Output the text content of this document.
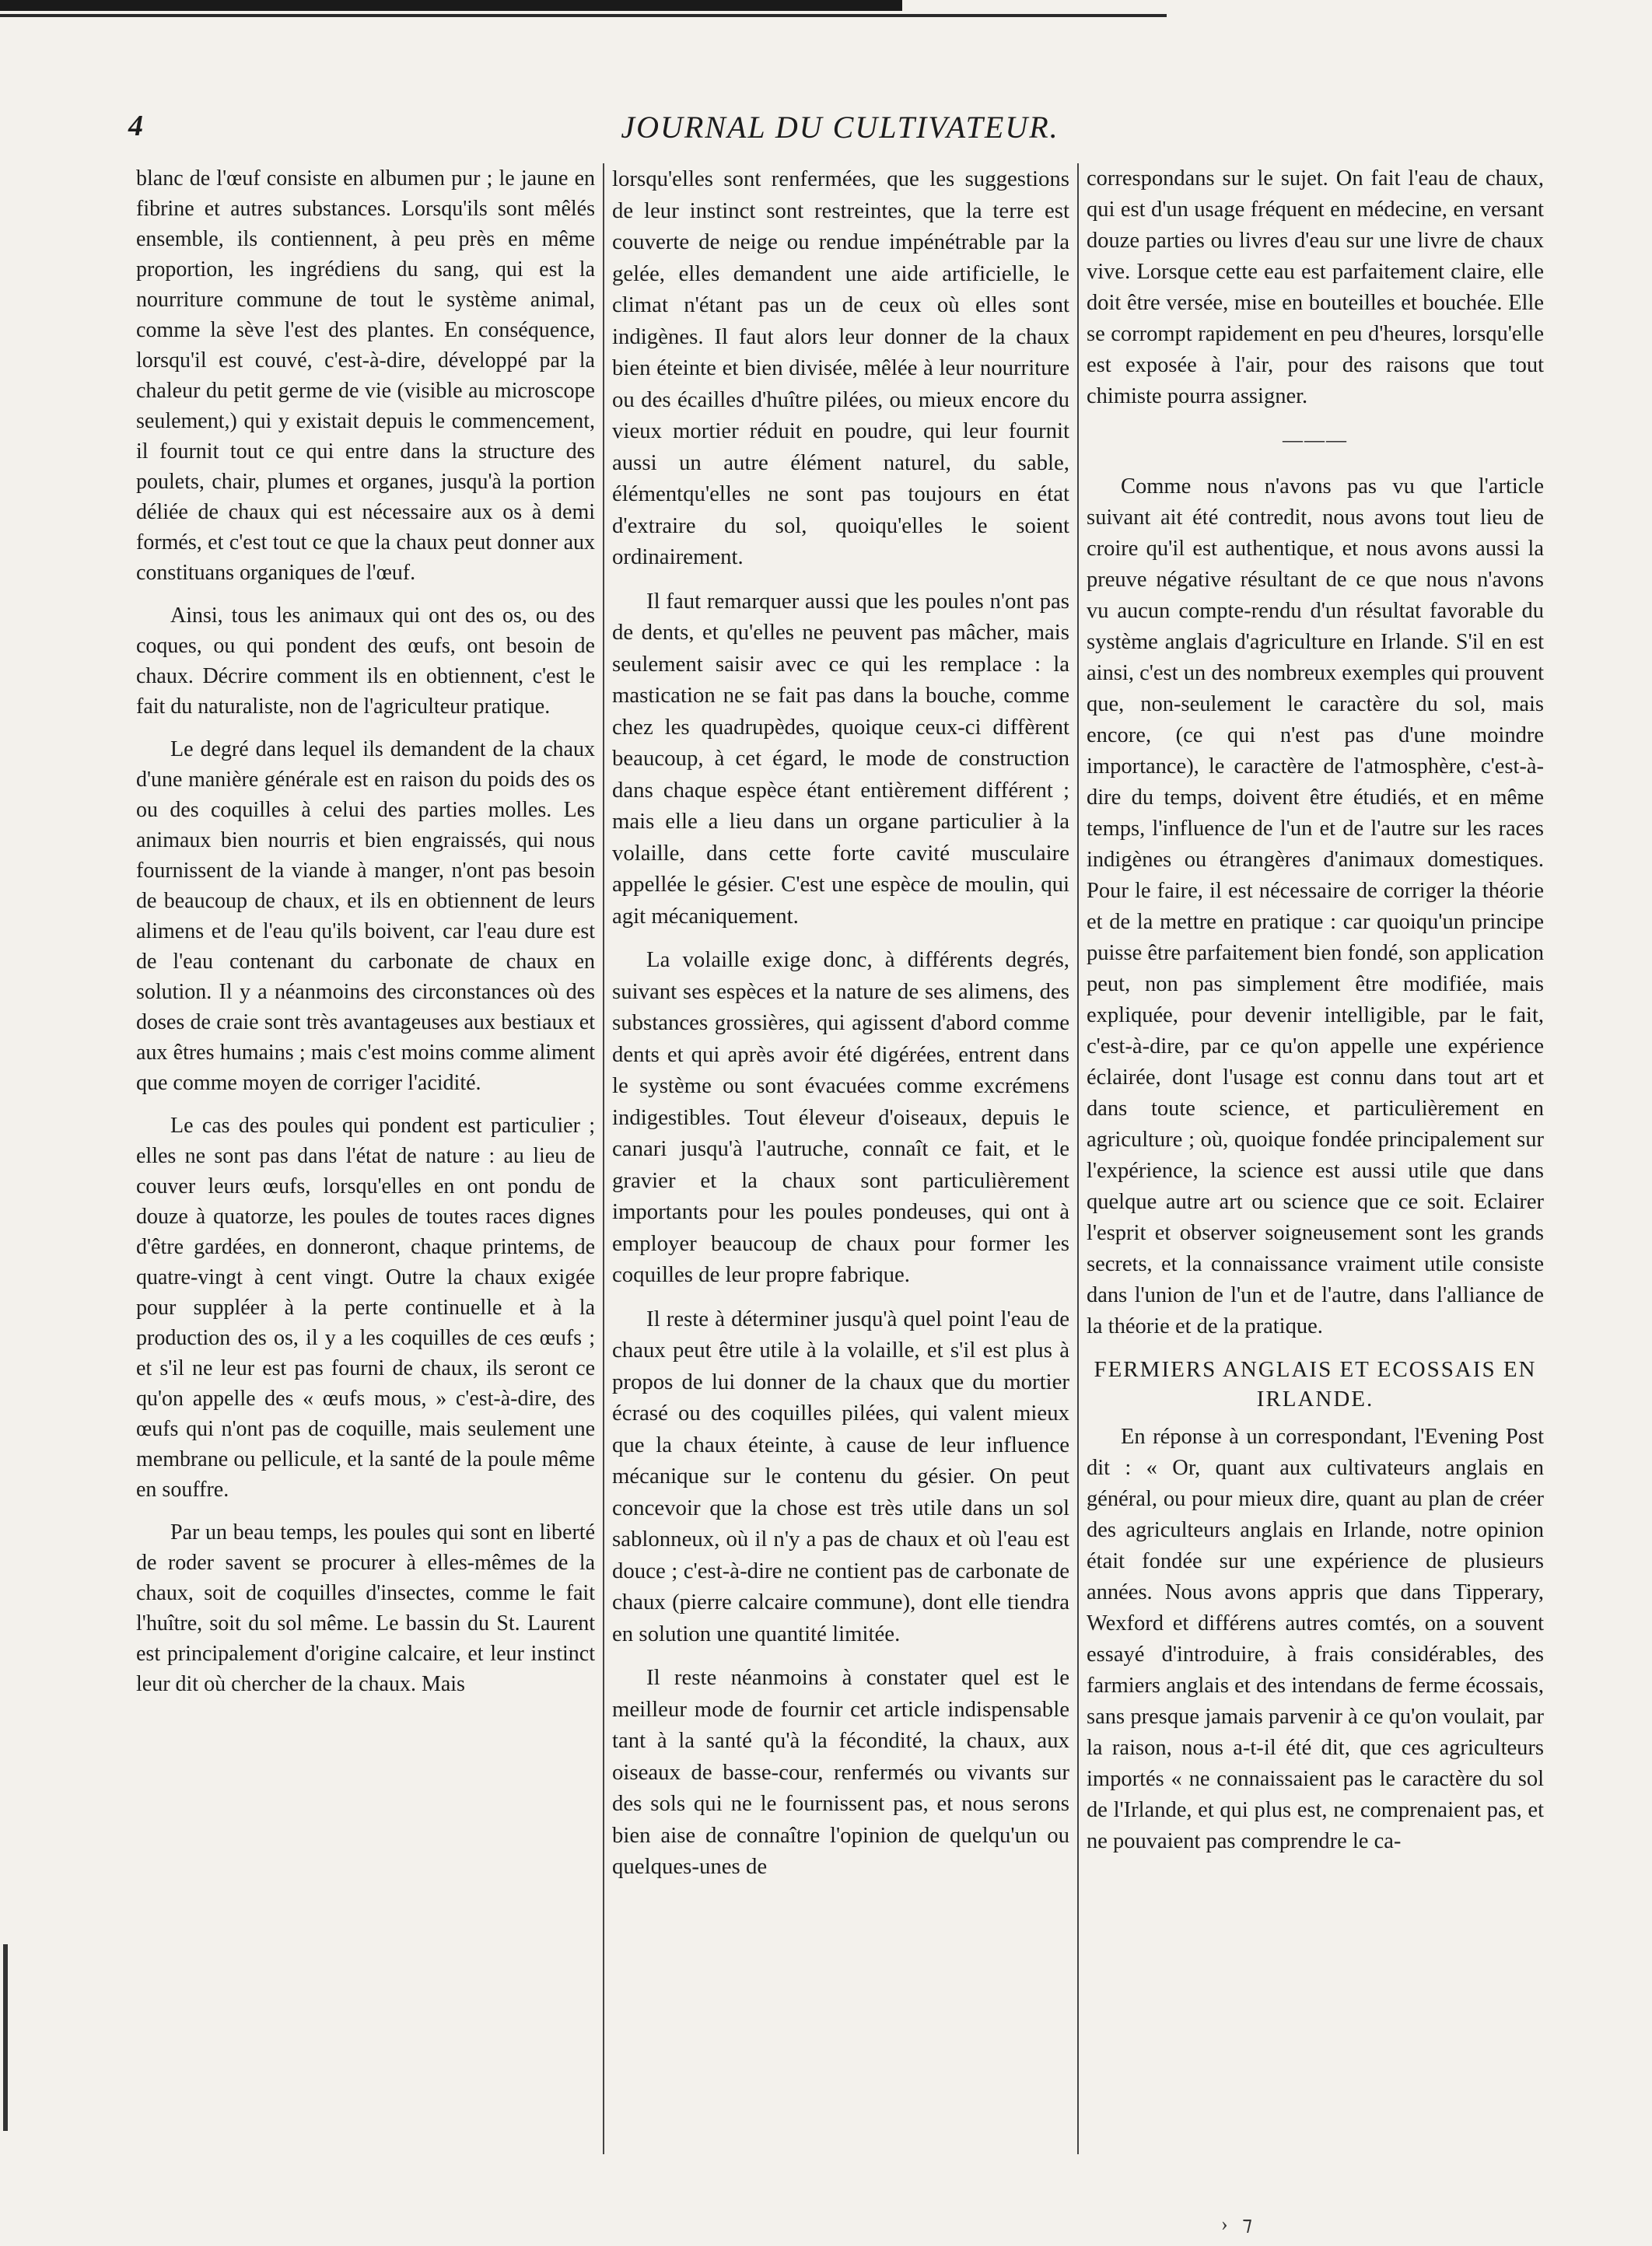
4	JOURNAL DU CULTIVATEUR.

blanc de l'œuf consiste en albumen pur ; le jaune en fibrine et autres substances. Lorsqu'ils sont mêlés ensemble, ils contiennent, à peu près en même proportion, les ingrédiens du sang, qui est la nourriture commune de tout le système animal, comme la sève l'est des plantes. En conséquence, lorsqu'il est couvé, c'est-à-dire, développé par la chaleur du petit germe de vie (visible au microscope seulement,) qui y existait depuis le commencement, il fournit tout ce qui entre dans la structure des poulets, chair, plumes et organes, jusqu'à la portion déliée de chaux qui est nécessaire aux os à demi formés, et c'est tout ce que la chaux peut donner aux constituans organiques de l'œuf.

Ainsi, tous les animaux qui ont des os, ou des coques, ou qui pondent des œufs, ont besoin de chaux. Décrire comment ils en obtiennent, c'est le fait du naturaliste, non de l'agriculteur pratique.

Le degré dans lequel ils demandent de la chaux d'une manière générale est en raison du poids des os ou des coquilles à celui des parties molles. Les animaux bien nourris et bien engraissés, qui nous fournissent de la viande à manger, n'ont pas besoin de beaucoup de chaux, et ils en obtiennent de leurs alimens et de l'eau qu'ils boivent, car l'eau dure est de l'eau contenant du carbonate de chaux en solution. Il y a néanmoins des circonstances où des doses de craie sont très avantageuses aux bestiaux et aux êtres humains ; mais c'est moins comme aliment que comme moyen de corriger l'acidité.

Le cas des poules qui pondent est particulier ; elles ne sont pas dans l'état de nature : au lieu de couver leurs œufs, lorsqu'elles en ont pondu de douze à quatorze, les poules de toutes races dignes d'être gardées, en donneront, chaque printems, de quatre-vingt à cent vingt. Outre la chaux exigée pour suppléer à la perte continuelle et à la production des os, il y a les coquilles de ces œufs ; et s'il ne leur est pas fourni de chaux, ils seront ce qu'on appelle des « œufs mous, » c'est-à-dire, des œufs qui n'ont pas de coquille, mais seulement une membrane ou pellicule, et la santé de la poule même en souffre.

Par un beau temps, les poules qui sont en liberté de roder savent se procurer à elles-mêmes de la chaux, soit de coquilles d'insectes, comme le fait l'huître, soit du sol même. Le bassin du St. Laurent est principalement d'origine calcaire, et leur instinct leur dit où chercher de la chaux. Mais

lorsqu'elles sont renfermées, que les suggestions de leur instinct sont restreintes, que la terre est couverte de neige ou rendue impénétrable par la gelée, elles demandent une aide artificielle, le climat n'étant pas un de ceux où elles sont indigènes. Il faut alors leur donner de la chaux bien éteinte et bien divisée, mêlée à leur nourriture ou des écailles d'huître pilées, ou mieux encore du vieux mortier réduit en poudre, qui leur fournit aussi un autre élément naturel, du sable, élémentqu'elles ne sont pas toujours en état d'extraire du sol, quoiqu'elles le soient ordinairement.

Il faut remarquer aussi que les poules n'ont pas de dents, et qu'elles ne peuvent pas mâcher, mais seulement saisir avec ce qui les remplace : la mastication ne se fait pas dans la bouche, comme chez les quadrupèdes, quoique ceux-ci diffèrent beaucoup, à cet égard, le mode de construction dans chaque espèce étant entièrement différent ; mais elle a lieu dans un organe particulier à la volaille, dans cette forte cavité musculaire appellée le gésier. C'est une espèce de moulin, qui agit mécaniquement.

La volaille exige donc, à différents degrés, suivant ses espèces et la nature de ses alimens, des substances grossières, qui agissent d'abord comme dents et qui après avoir été digérées, entrent dans le système ou sont évacuées comme excrémens indigestibles. Tout éleveur d'oiseaux, depuis le canari jusqu'à l'autruche, connaît ce fait, et le gravier et la chaux sont particulièrement importants pour les poules pondeuses, qui ont à employer beaucoup de chaux pour former les coquilles de leur propre fabrique.

Il reste à déterminer jusqu'à quel point l'eau de chaux peut être utile à la volaille, et s'il est plus à propos de lui donner de la chaux que du mortier écrasé ou des coquilles pilées, qui valent mieux que la chaux éteinte, à cause de leur influence mécanique sur le contenu du gésier. On peut concevoir que la chose est très utile dans un sol sablonneux, où il n'y a pas de chaux et où l'eau est douce ; c'est-à-dire ne contient pas de carbonate de chaux (pierre calcaire commune), dont elle tiendra en solution une quantité limitée.

Il reste néanmoins à constater quel est le meilleur mode de fournir cet article indispensable tant à la santé qu'à la fécondité, la chaux, aux oiseaux de basse-cour, renfermés ou vivants sur des sols qui ne le fournissent pas, et nous serons bien aise de connaître l'opinion de quelqu'un ou quelques-unes de

correspondans sur le sujet. On fait l'eau de chaux, qui est d'un usage fréquent en médecine, en versant douze parties ou livres d'eau sur une livre de chaux vive. Lorsque cette eau est parfaitement claire, elle doit être versée, mise en bouteilles et bouchée. Elle se corrompt rapidement en peu d'heures, lorsqu'elle est exposée à l'air, pour des raisons que tout chimiste pourra assigner.

———

Comme nous n'avons pas vu que l'article suivant ait été contredit, nous avons tout lieu de croire qu'il est authentique, et nous avons aussi la preuve négative résultant de ce que nous n'avons vu aucun compte-rendu d'un résultat favorable du système anglais d'agriculture en Irlande. S'il en est ainsi, c'est un des nombreux exemples qui prouvent que, non-seulement le caractère du sol, mais encore, (ce qui n'est pas d'une moindre importance), le caractère de l'atmosphère, c'est-à-dire du temps, doivent être étudiés, et en même temps, l'influence de l'un et de l'autre sur les races indigènes ou étrangères d'animaux domestiques. Pour le faire, il est nécessaire de corriger la théorie et de la mettre en pratique : car quoiqu'un principe puisse être parfaitement bien fondé, son application peut, non pas simplement être modifiée, mais expliquée, pour devenir intelligible, par le fait, c'est-à-dire, par ce qu'on appelle une expérience éclairée, dont l'usage est connu dans tout art et dans toute science, et particulièrement en agriculture ; où, quoique fondée principalement sur l'expérience, la science est aussi utile que dans quelque autre art ou science que ce soit. Eclairer l'esprit et observer soigneusement sont les grands secrets, et la connaissance vraiment utile consiste dans l'union de l'un et de l'autre, dans l'alliance de la théorie et de la pratique.

FERMIERS ANGLAIS ET ECOSSAIS EN IRLANDE.

En réponse à un correspondant, l'Evening Post dit : « Or, quant aux cultivateurs anglais en général, ou pour mieux dire, quant au plan de créer des agriculteurs anglais en Irlande, notre opinion était fondée sur une expérience de plusieurs années. Nous avons appris que dans Tipperary, Wexford et différens autres comtés, on a souvent essayé d'introduire, à frais considérables, des farmiers anglais et des intendans de ferme écossais, sans presque jamais parvenir à ce qu'on voulait, par la raison, nous a-t-il été dit, que ces agriculteurs importés « ne connaissaient pas le caractère du sol de l'Irlande, et qui plus est, ne comprenaient pas, et ne pouvaient pas comprendre le ca-

› ⁊
